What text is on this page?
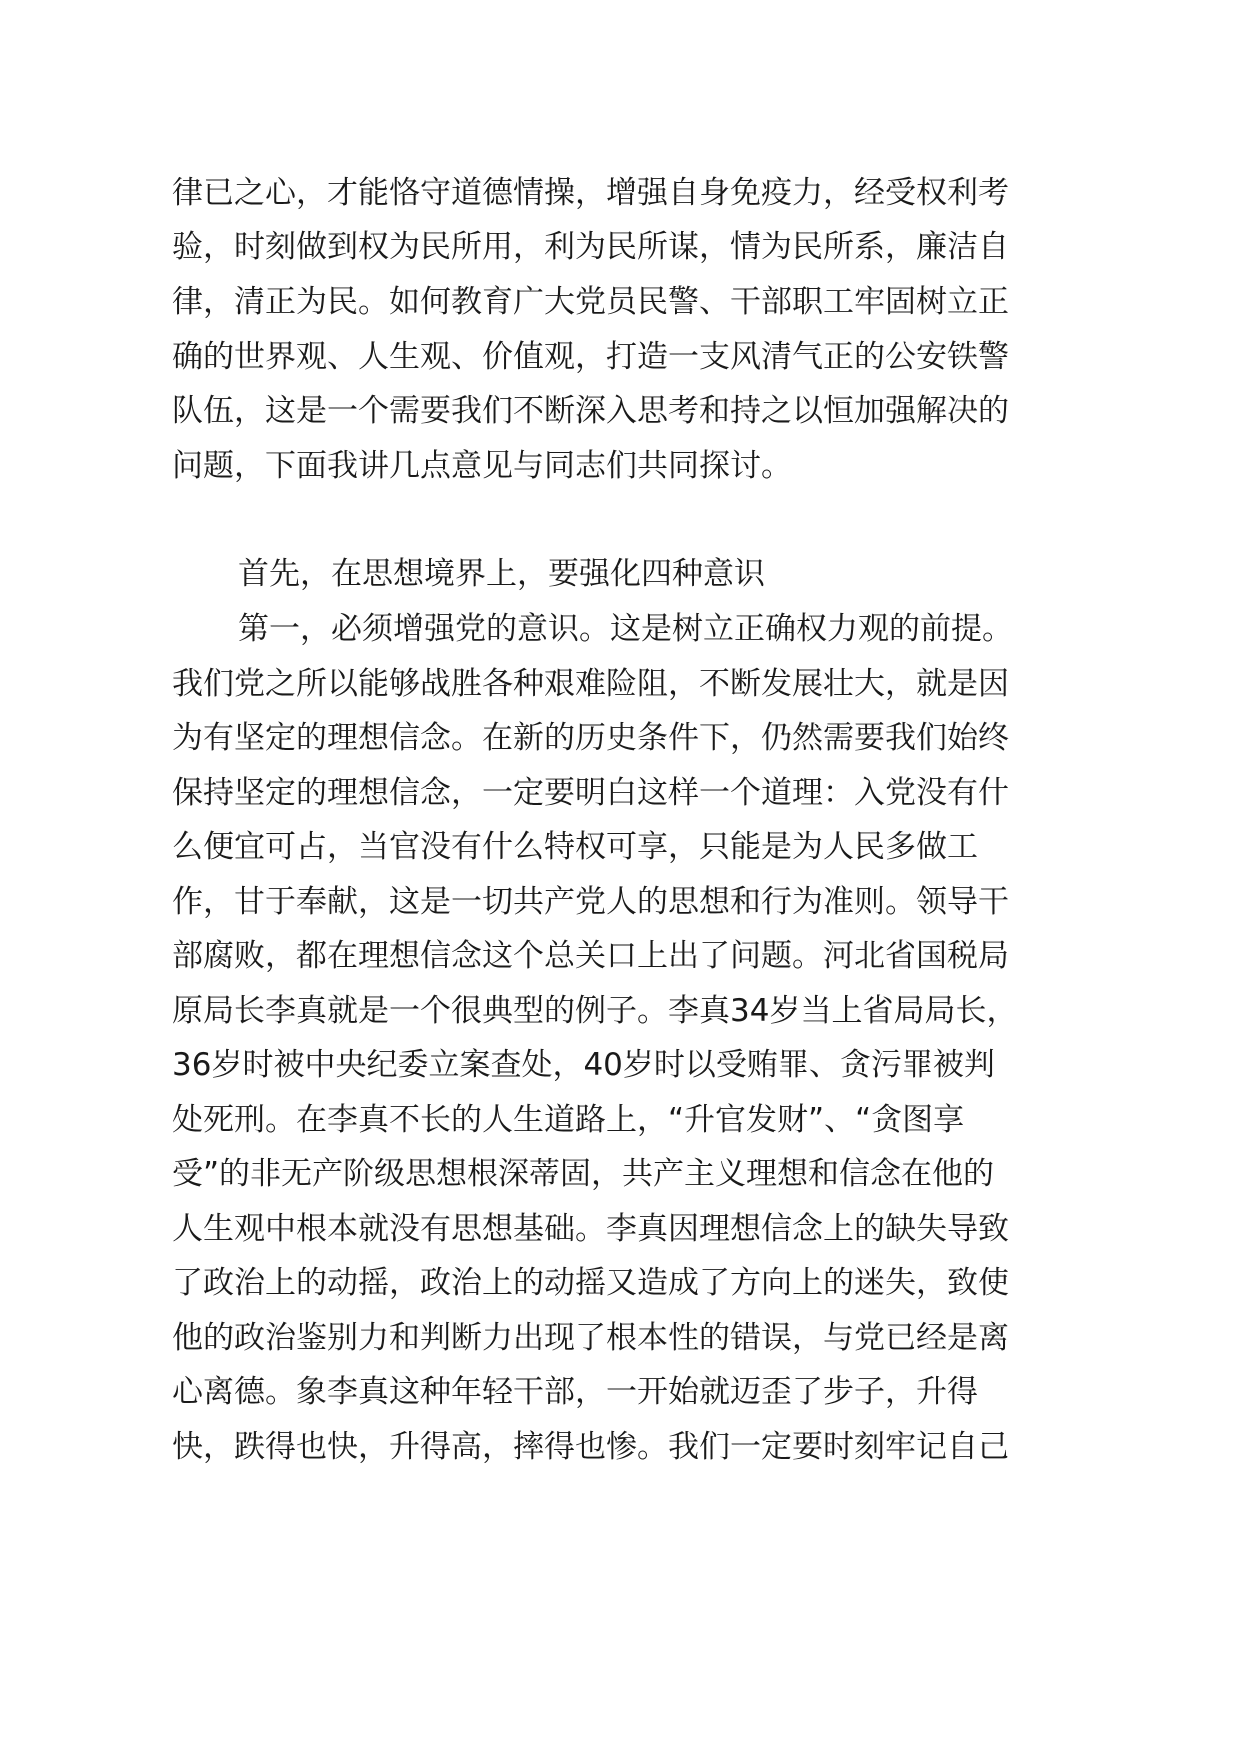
律已之心，才能恪守道德情操，增强自身免疫力，经受权利考
验，时刻做到权为民所用，利为民所谋，情为民所系，廉洁自
律，清正为民。如何教育广大党员民警、干部职工牢固树立正
确的世界观、人生观、价值观，打造一支风清气正的公安铁警
队伍，这是一个需要我们不断深入思考和持之以恒加强解决的
问题，下面我讲几点意见与同志们共同探讨。
首先，在思想境界上，要强化四种意识
第一，必须增强党的意识。这是树立正确权力观的前提。
我们党之所以能够战胜各种艰难险阻，不断发展壮大，就是因
为有坚定的理想信念。在新的历史条件下，仍然需要我们始终
保持坚定的理想信念，一定要明白这样一个道理：入党没有什
么便宜可占，当官没有什么特权可享，只能是为人民多做工
作，甘于奉献，这是一切共产党人的思想和行为准则。领导干
部腐败，都在理想信念这个总关口上出了问题。河北省国税局
原局长李真就是一个很典型的例子。李真34岁当上省局局长，
36岁时被中央纪委立案查处，40岁时以受贿罪、贪污罪被判
处死刑。在李真不长的人生道路上，“升官发财”、“贪图享
受”的非无产阶级思想根深蒂固，共产主义理想和信念在他的
人生观中根本就没有思想基础。李真因理想信念上的缺失导致
了政治上的动摇，政治上的动摇又造成了方向上的迷失，致使
他的政治鉴别力和判断力出现了根本性的错误，与党已经是离
心离德。象李真这种年轻干部，一开始就迈歪了步子，升得
快，跌得也快，升得高，摔得也惨。我们一定要时刻牢记自己
